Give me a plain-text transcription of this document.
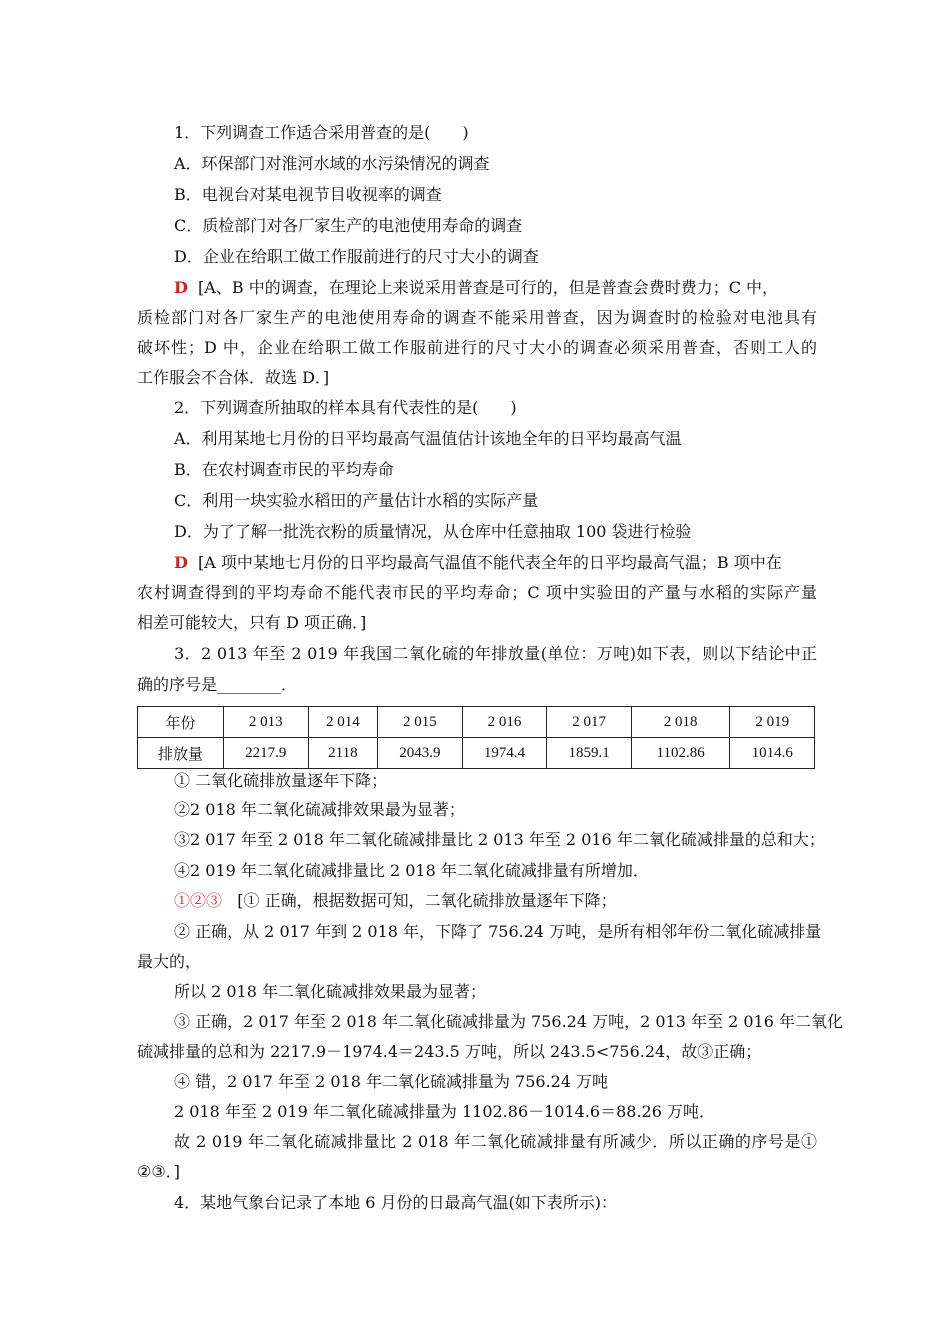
1．下列调查工作适合采用普查的是(　　)
A．环保部门对淮河水域的水污染情况的调查
B．电视台对某电视节目收视率的调查
C．质检部门对各厂家生产的电池使用寿命的调查
D．企业在给职工做工作服前进行的尺寸大小的调查
D [A、B 中的调查，在理论上来说采用普查是可行的，但是普查会费时费力；C 中，
质检部门对各厂家生产的电池使用寿命的调查不能采用普查，因为调查时的检验对电池具有
破坏性；D 中，企业在给职工做工作服前进行的尺寸大小的调查必须采用普查，否则工人的
工作服会不合体．故选 D．]
2．下列调查所抽取的样本具有代表性的是(　　)
A．利用某地七月份的日平均最高气温值估计该地全年的日平均最高气温
B．在农村调查市民的平均寿命
C．利用一块实验水稻田的产量估计水稻的实际产量
D．为了了解一批洗衣粉的质量情况，从仓库中任意抽取 100 袋进行检验
D [A 项中某地七月份的日平均最高气温值不能代表全年的日平均最高气温；B 项中在
农村调查得到的平均寿命不能代表市民的平均寿命；C 项中实验田的产量与水稻的实际产量
相差可能较大，只有 D 项正确．]
3．2 013 年至 2 019 年我国二氧化硫的年排放量(单位：万吨)如下表，则以下结论中正
确的序号是________．
年份	2 013	2 014	2 015	2 016	2 017	2 018	2 019
排放量	2217.9	2118	2043.9	1974.4	1859.1	1102.86	1014.6
① 二氧化硫排放量逐年下降；
②2 018 年二氧化硫减排效果最为显著；
③2 017 年至 2 018 年二氧化硫减排量比 2 013 年至 2 016 年二氧化硫减排量的总和大；
④2 019 年二氧化硫减排量比 2 018 年二氧化硫减排量有所增加．
①②③ [① 正确，根据数据可知，二氧化硫排放量逐年下降；
② 正确，从 2 017 年到 2 018 年，下降了 756.24 万吨，是所有相邻年份二氧化硫减排量
最大的，
所以 2 018 年二氧化硫减排效果最为显著；
③ 正确，2 017 年至 2 018 年二氧化硫减排量为 756.24 万吨，2 013 年至 2 016 年二氧化
硫减排量的总和为 2217.9－1974.4＝243.5 万吨，所以 243.5<756.24，故③正确；
④ 错，2 017 年至 2 018 年二氧化硫减排量为 756.24 万吨
2 018 年至 2 019 年二氧化硫减排量为 1102.86－1014.6＝88.26 万吨．
故 2 019 年二氧化硫减排量比 2 018 年二氧化硫减排量有所减少．所以正确的序号是①
②③．]
4．某地气象台记录了本地 6 月份的日最高气温(如下表所示)：
